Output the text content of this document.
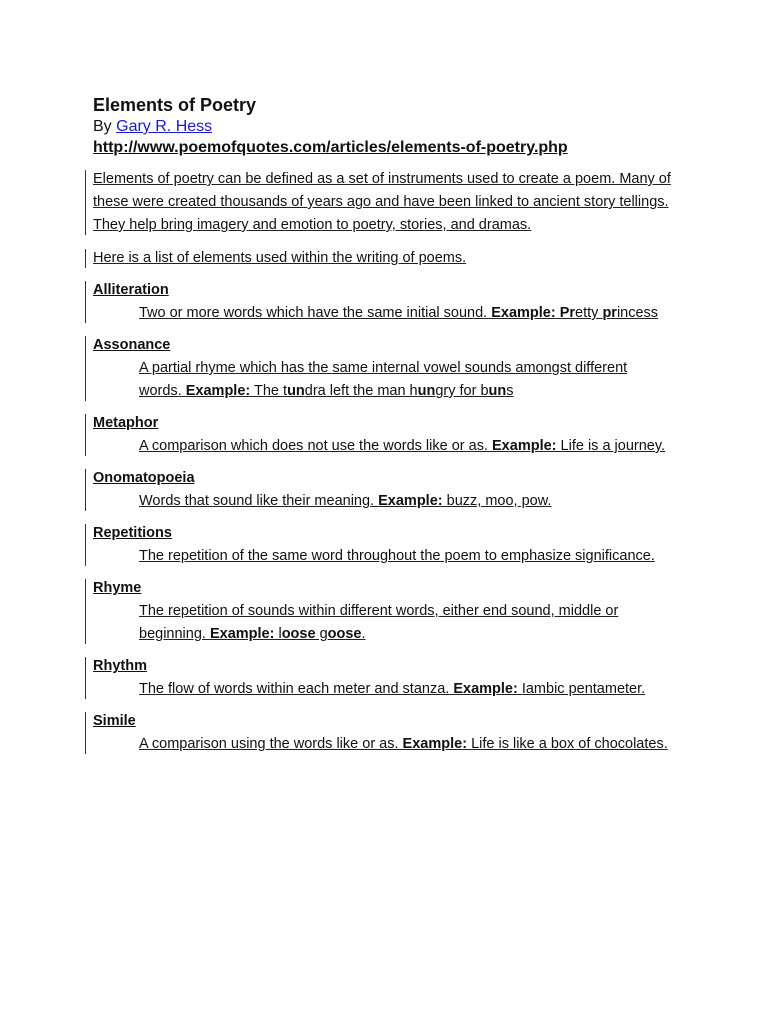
Elements of Poetry

By Gary R. Hess

http://www.poemofquotes.com/articles/elements-of-poetry.php

Elements of poetry can be defined as a set of instruments used to create a poem. Many of these were created thousands of years ago and have been linked to ancient story tellings. They help bring imagery and emotion to poetry, stories, and dramas.
Here is a list of elements used within the writing of poems.
Alliteration
Two or more words which have the same initial sound. Example: Pretty princess
Assonance
A partial rhyme which has the same internal vowel sounds amongst different words. Example: The tundra left the man hungry for buns
Metaphor
A comparison which does not use the words like or as. Example: Life is a journey.
Onomatopoeia
Words that sound like their meaning. Example: buzz, moo, pow.
Repetitions
The repetition of the same word throughout the poem to emphasize significance.
Rhyme
The repetition of sounds within different words, either end sound, middle or beginning. Example: loose goose.
Rhythm
The flow of words within each meter and stanza. Example: Iambic pentameter.
Simile
A comparison using the words like or as. Example: Life is like a box of chocolates.
